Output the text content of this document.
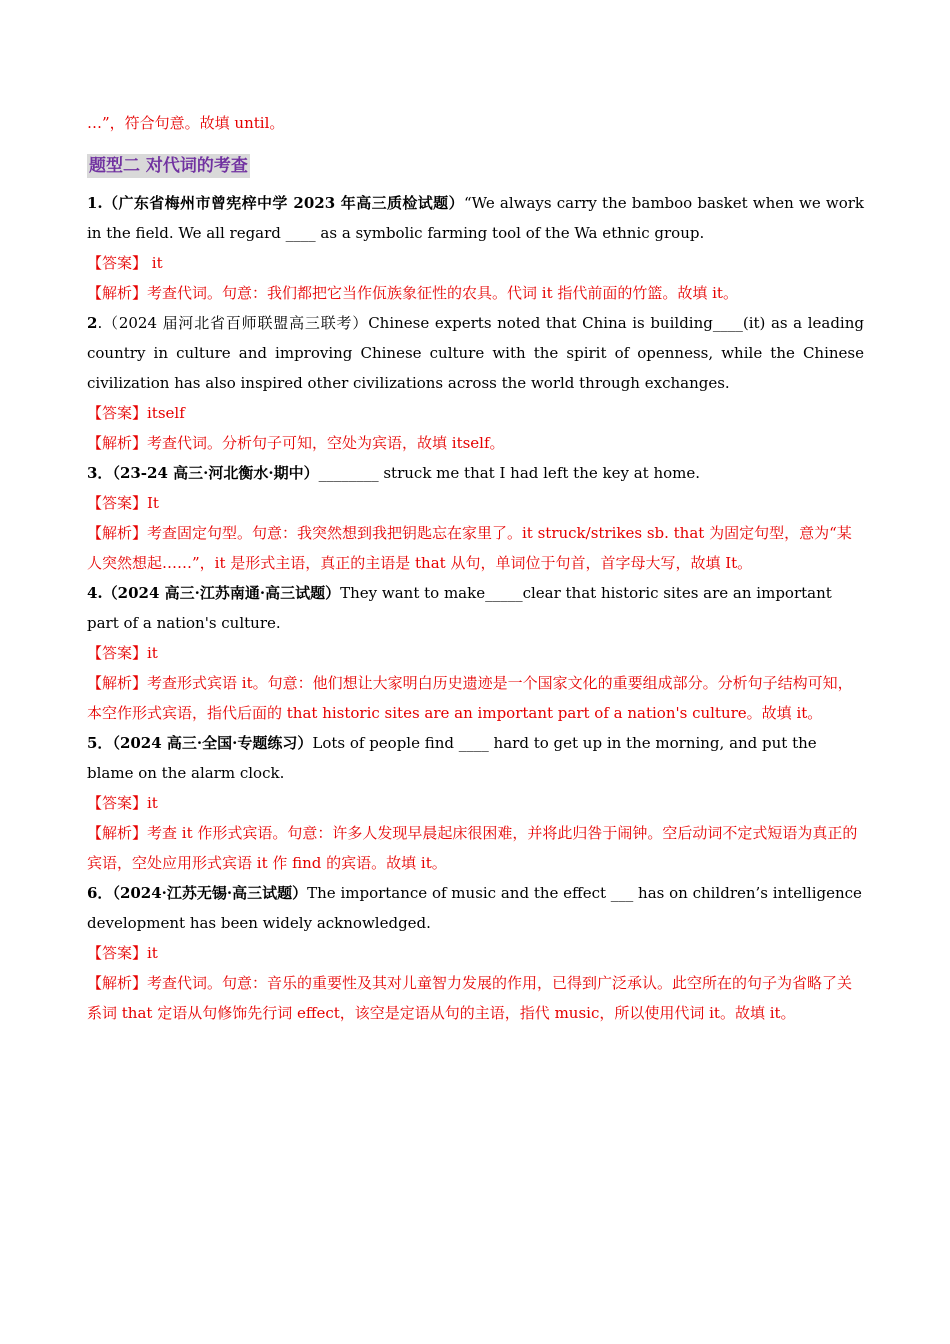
…”，符合句意。故填 until。
题型二 对代词的考查
1.（广东省梅州市曾宪梓中学 2023 年高三质检试题）“We always carry the bamboo basket when we work in the field. We all regard ____ as a symbolic farming tool of the Wa ethnic group.
【答案】 it
【解析】考查代词。句意：我们都把它当作佤族象征性的农具。代词 it 指代前面的竹篮。故填 it。
2.（2024 届河北省百师联盟高三联考）Chinese experts noted that China is building____(it) as a leading country in culture and improving Chinese culture with the spirit of openness, while the Chinese civilization has also inspired other civilizations across the world through exchanges.
【答案】itself
【解析】考查代词。分析句子可知，空处为宾语，故填 itself。
3．（23-24 高三·河北衡水·期中）________ struck me that I had left the key at home.
【答案】It
【解析】考查固定句型。句意：我突然想到我把钥匙忘在家里了。it struck/strikes sb. that 为固定句型，意为“某人突然想起……”，it 是形式主语，真正的主语是 that 从句，单词位于句首，首字母大写，故填 It。
4.（2024 高三·江苏南通·高三试题）They want to make_____clear that historic sites are an important part of a nation's culture.
【答案】it
【解析】考查形式宾语 it。句意：他们想让大家明白历史遗迹是一个国家文化的重要组成部分。分析句子结构可知，本空作形式宾语，指代后面的 that historic sites are an important part of a nation's culture。故填 it。
5．（2024 高三·全国·专题练习）Lots of people find ____ hard to get up in the morning, and put the blame on the alarm clock.
【答案】it
【解析】考查 it 作形式宾语。句意：许多人发现早晨起床很困难，并将此归咎于闹钟。空后动词不定式短语为真正的宾语，空处应用形式宾语 it 作 find 的宾语。故填 it。
6．（2024·江苏无锡·高三试题）The importance of music and the effect ___ has on children’s intelligence development has been widely acknowledged.
【答案】it
【解析】考查代词。句意：音乐的重要性及其对儿童智力发展的作用，已得到广泛承认。此空所在的句子为省略了关系词 that 定语从句修饰先行词 effect，该空是定语从句的主语，指代 music，所以使用代词 it。故填 it。
